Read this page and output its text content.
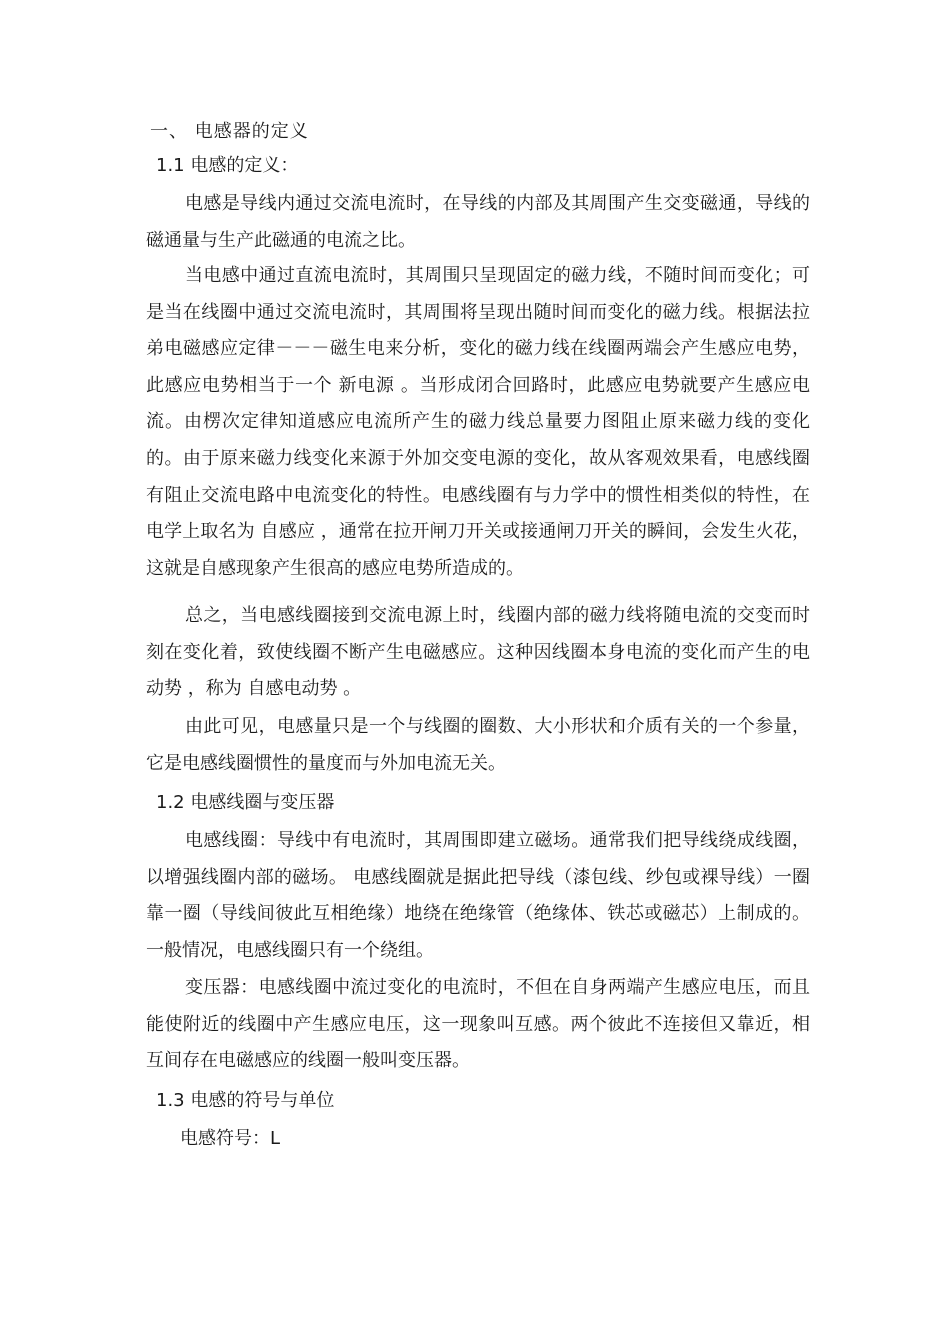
一、 电感器的定义
1.1 电感的定义：

电感是导线内通过交流电流时，在导线的内部及其周围产生交变磁通，导线的磁通量与生产此磁通的电流之比。

当电感中通过直流电流时，其周围只呈现固定的磁力线，不随时间而变化；可是当在线圈中通过交流电流时，其周围将呈现出随时间而变化的磁力线。根据法拉弟电磁感应定律－－－磁生电来分析，变化的磁力线在线圈两端会产生感应电势，此感应电势相当于一个 新电源 。当形成闭合回路时，此感应电势就要产生感应电流。由楞次定律知道感应电流所产生的磁力线总量要力图阻止原来磁力线的变化的。由于原来磁力线变化来源于外加交变电源的变化，故从客观效果看，电感线圈有阻止交流电路中电流变化的特性。电感线圈有与力学中的惯性相类似的特性，在电学上取名为 自感应 ，通常在拉开闸刀开关或接通闸刀开关的瞬间，会发生火花，这就是自感现象产生很高的感应电势所造成的。

总之，当电感线圈接到交流电源上时，线圈内部的磁力线将随电流的交变而时刻在变化着，致使线圈不断产生电磁感应。这种因线圈本身电流的变化而产生的电动势 ，称为 自感电动势 。

由此可见，电感量只是一个与线圈的圈数、大小形状和介质有关的一个参量，它是电感线圈惯性的量度而与外加电流无关。

1.2 电感线圈与变压器

电感线圈：导线中有电流时，其周围即建立磁场。通常我们把导线绕成线圈，以增强线圈内部的磁场。 电感线圈就是据此把导线（漆包线、纱包或裸导线）一圈靠一圈（导线间彼此互相绝缘）地绕在绝缘管（绝缘体、铁芯或磁芯）上制成的。一般情况，电感线圈只有一个绕组。

变压器：电感线圈中流过变化的电流时，不但在自身两端产生感应电压，而且能使附近的线圈中产生感应电压，这一现象叫互感。两个彼此不连接但又靠近，相互间存在电磁感应的线圈一般叫变压器。

1.3 电感的符号与单位
电感符号：L
